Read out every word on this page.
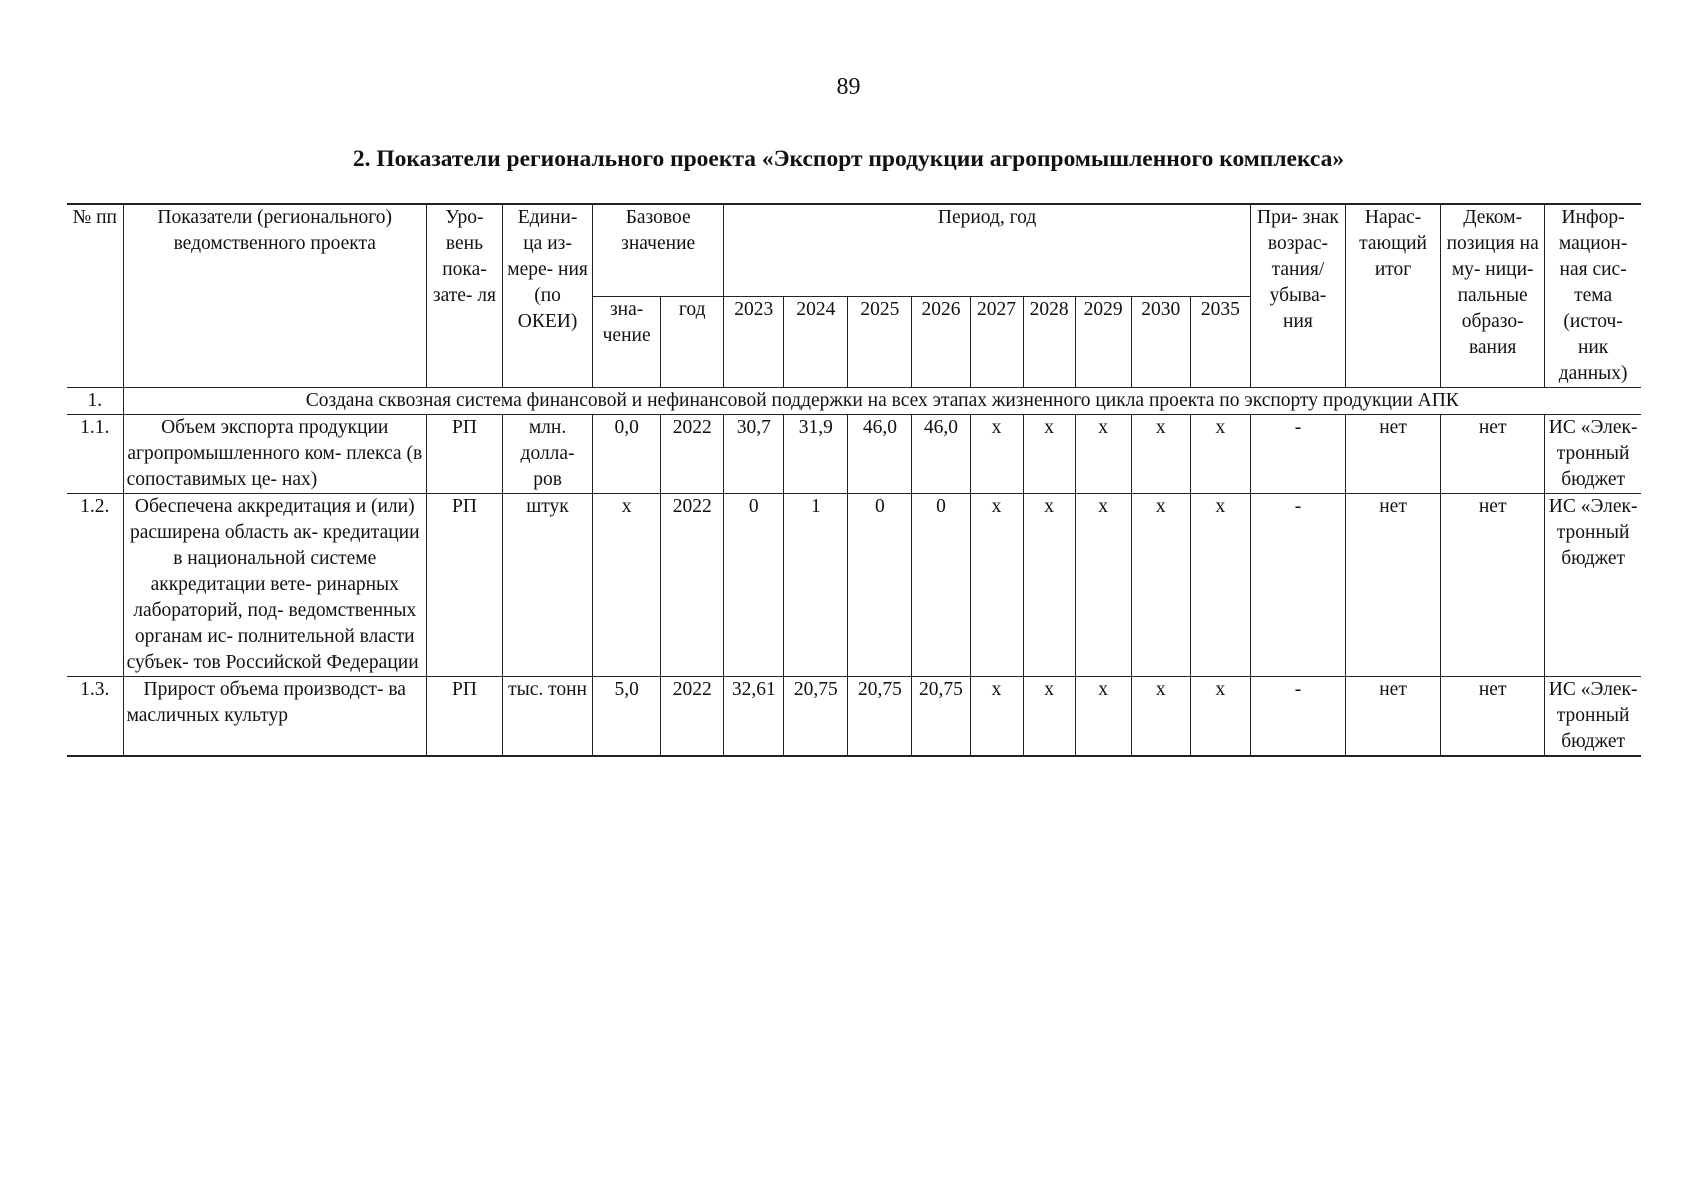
89
2. Показатели регионального проекта «Экспорт продукции агропромышленного комплекса»
№ пп	Показатели (регионального) ведомственного проекта	Уро- вень пока- зате- ля	Едини- ца из- мере- ния (по ОКЕИ)	Базовое значение		Период, год									При- знак возрас- тания/ убыва- ния	Нарас- тающий итог	Деком- позиция на му- ници- пальные образо- вания	Инфор- мацион- ная сис- тема (источ- ник данных)
				зна- чение	год	2023	2024	2025	2026	2027	2028	2029	2030	2035				
1.	Создана сквозная система финансовой и нефинансовой поддержки на всех этапах жизненного цикла проекта по экспорту продукции АПК																	
1.1.	Объем экспорта продукции агропромышленного ком- плекса (в сопоставимых це- нах)	РП	млн. долла- ров	0,0	2022	30,7	31,9	46,0	46,0	x	x	x	x	x	-	нет	нет	ИС «Элек- тронный бюджет
1.2.	Обеспечена аккредитация и (или) расширена область ак- кредитации в национальной системе аккредитации вете- ринарных лабораторий, под- ведомственных органам ис- полнительной власти субъек- тов Российской Федерации	РП	штук	x	2022	0	1	0	0	x	x	x	x	x	-	нет	нет	ИС «Элек- тронный бюджет
1.3.	Прирост объема производст- ва масличных культур	РП	тыс. тонн	5,0	2022	32,61	20,75	20,75	20,75	x	x	x	x	x	-	нет	нет	ИС «Элек- тронный бюджет
